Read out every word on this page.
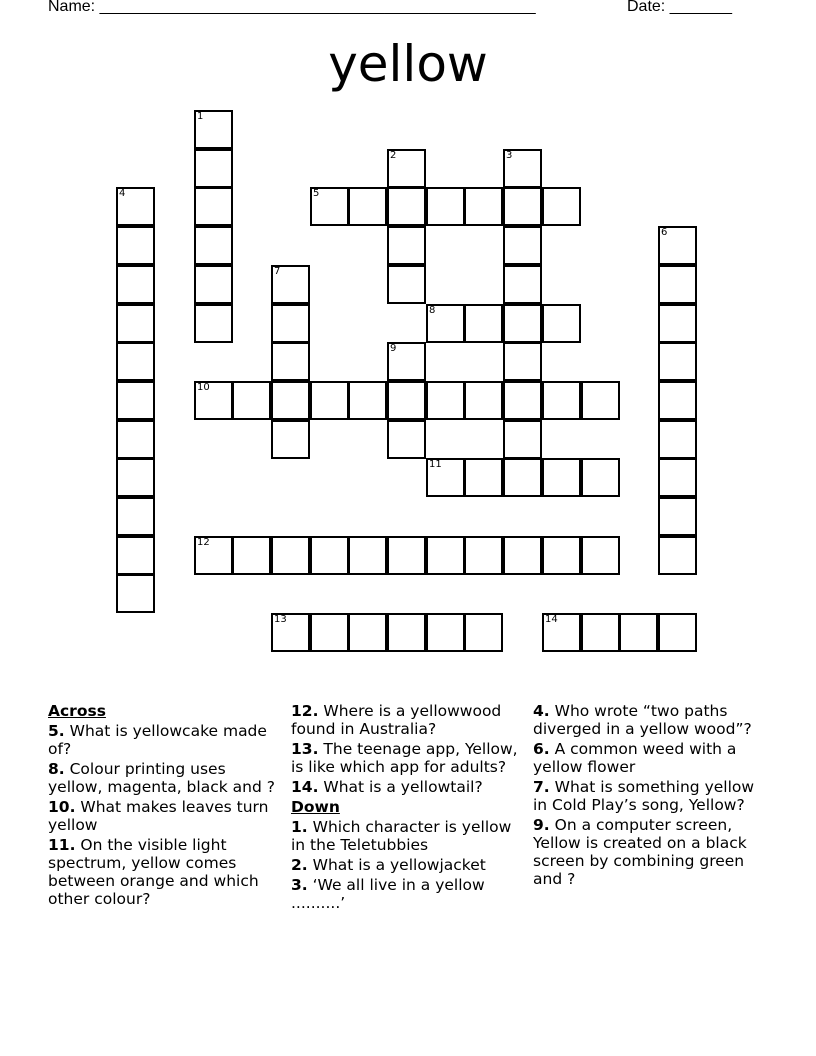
Name: _________________________________________________	Date: _______
yellow
1
2	3
4	5
6
7
8
9
10
11
12
13	14
Across
5. What is yellowcake made of?
8. Colour printing uses yellow, magenta, black and ?
10. What makes leaves turn yellow
11. On the visible light spectrum, yellow comes between orange and which other colour?
12. Where is a yellowwood found in Australia?
13. The teenage app, Yellow, is like which app for adults?
14. What is a yellowtail?
Down
1. Which character is yellow in the Teletubbies
2. What is a yellowjacket
3. ‘We all live in a yellow ..........’
4. Who wrote “two paths diverged in a yellow wood”?
6. A common weed with a yellow flower
7. What is something yellow in Cold Play’s song, Yellow?
9. On a computer screen, Yellow is created on a black screen by combining green and ?
